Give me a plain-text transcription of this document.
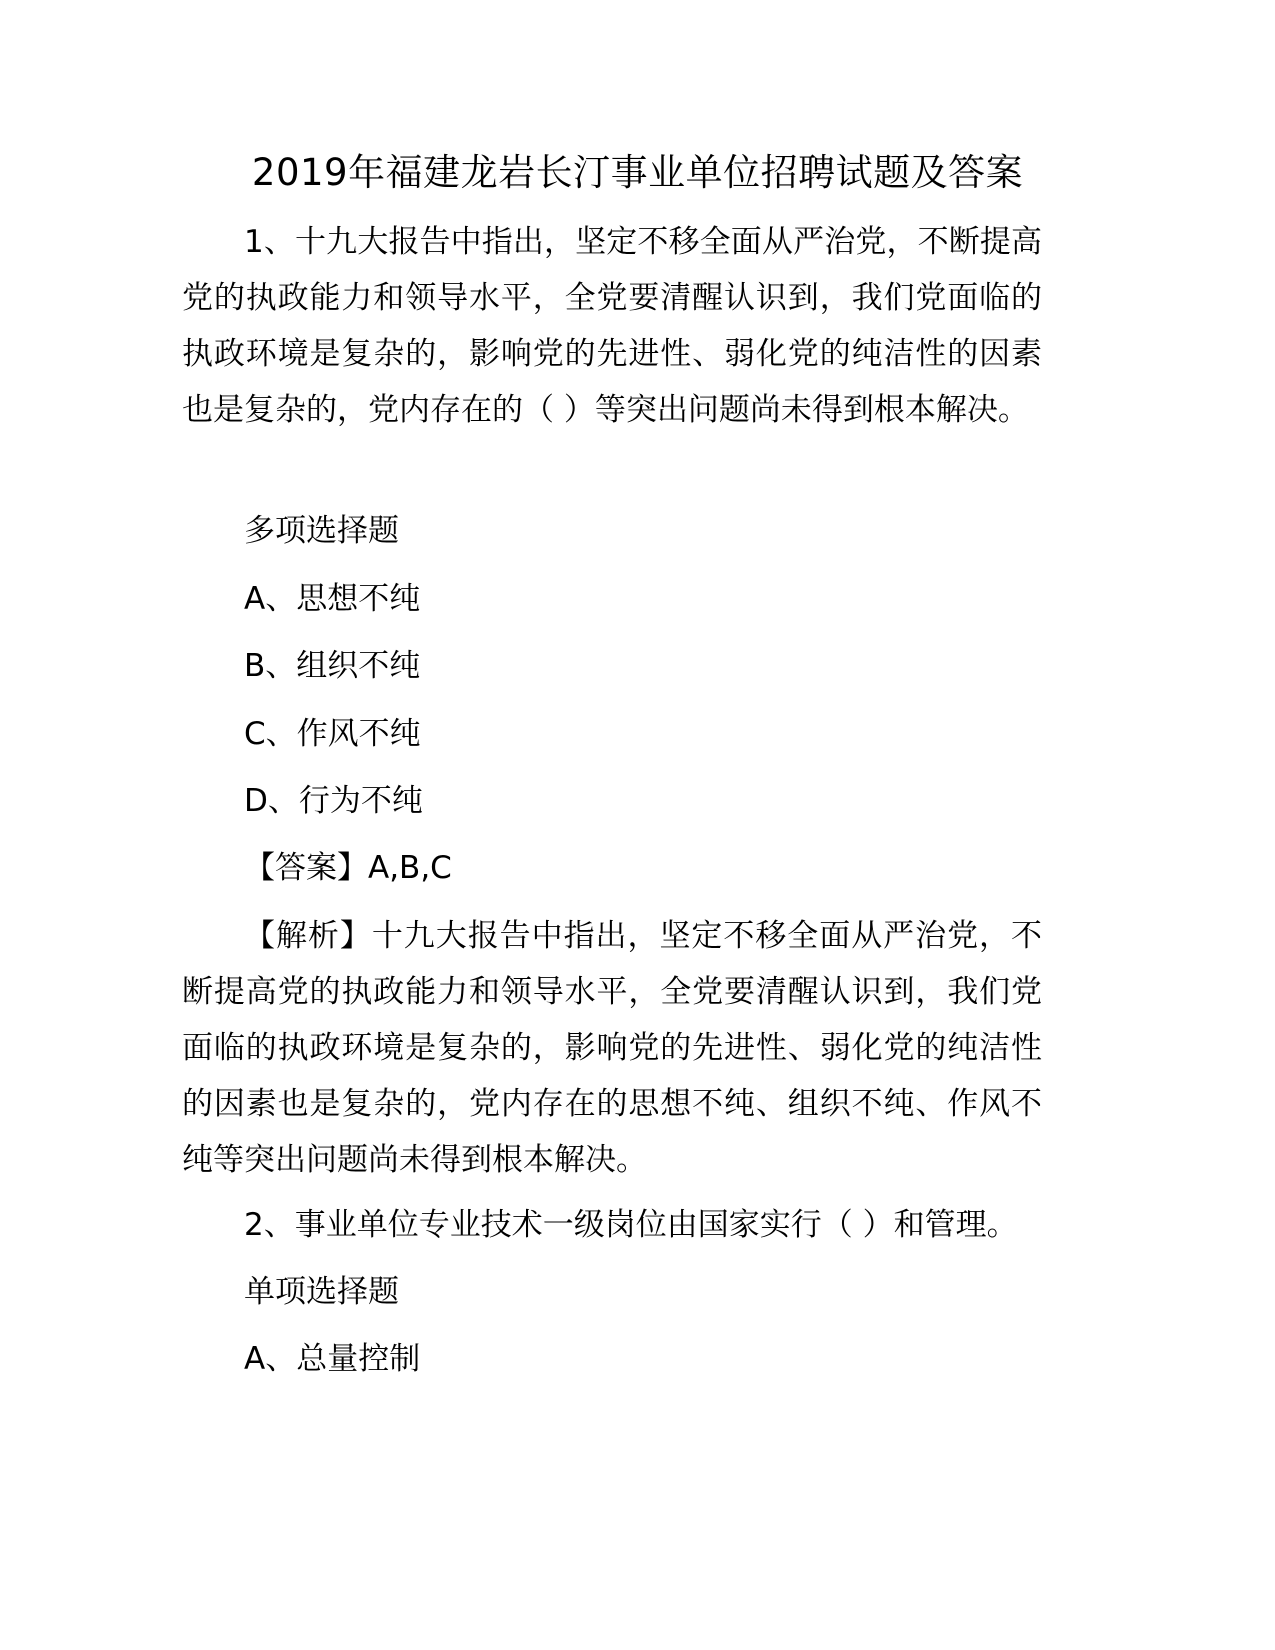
2019年福建龙岩长汀事业单位招聘试题及答案
1、十九大报告中指出，坚定不移全面从严治党，不断提高党的执政能力和领导水平，全党要清醒认识到，我们党面临的执政环境是复杂的，影响党的先进性、弱化党的纯洁性的因素也是复杂的，党内存在的（ ）等突出问题尚未得到根本解决。
多项选择题
A、思想不纯
B、组织不纯
C、作风不纯
D、行为不纯
【答案】A,B,C
【解析】十九大报告中指出，坚定不移全面从严治党，不断提高党的执政能力和领导水平，全党要清醒认识到，我们党面临的执政环境是复杂的，影响党的先进性、弱化党的纯洁性的因素也是复杂的，党内存在的思想不纯、组织不纯、作风不纯等突出问题尚未得到根本解决。
2、事业单位专业技术一级岗位由国家实行（ ）和管理。
单项选择题
A、总量控制
